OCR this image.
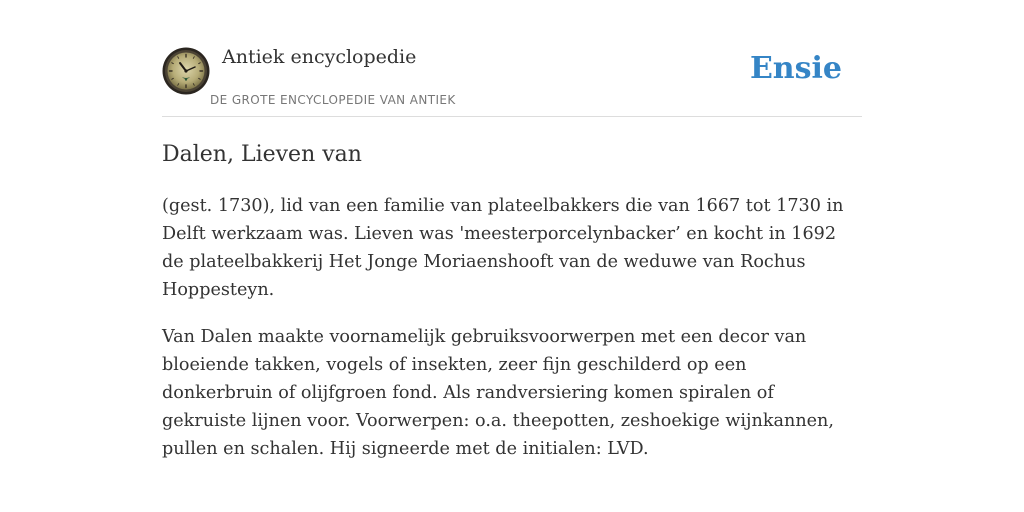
Antiek encyclopedie
DE GROTE ENCYCLOPEDIE VAN ANTIEK
Ensie
Dalen, Lieven van

(gest. 1730), lid van een familie van plateelbakkers die van 1667 tot 1730 in Delft werkzaam was. Lieven was 'meesterporcelynbacker’ en kocht in 1692 de plateelbakkerij Het Jonge Moriaenshooft van de weduwe van Rochus Hoppesteyn.

Van Dalen maakte voornamelijk gebruiksvoorwerpen met een decor van bloeiende takken, vogels of insekten, zeer fijn geschilderd op een donkerbruin of olijfgroen fond. Als randversiering komen spiralen of gekruiste lijnen voor. Voorwerpen: o.a. theepotten, zeshoekige wijnkannen, pullen en schalen. Hij signeerde met de initialen: LVD.
